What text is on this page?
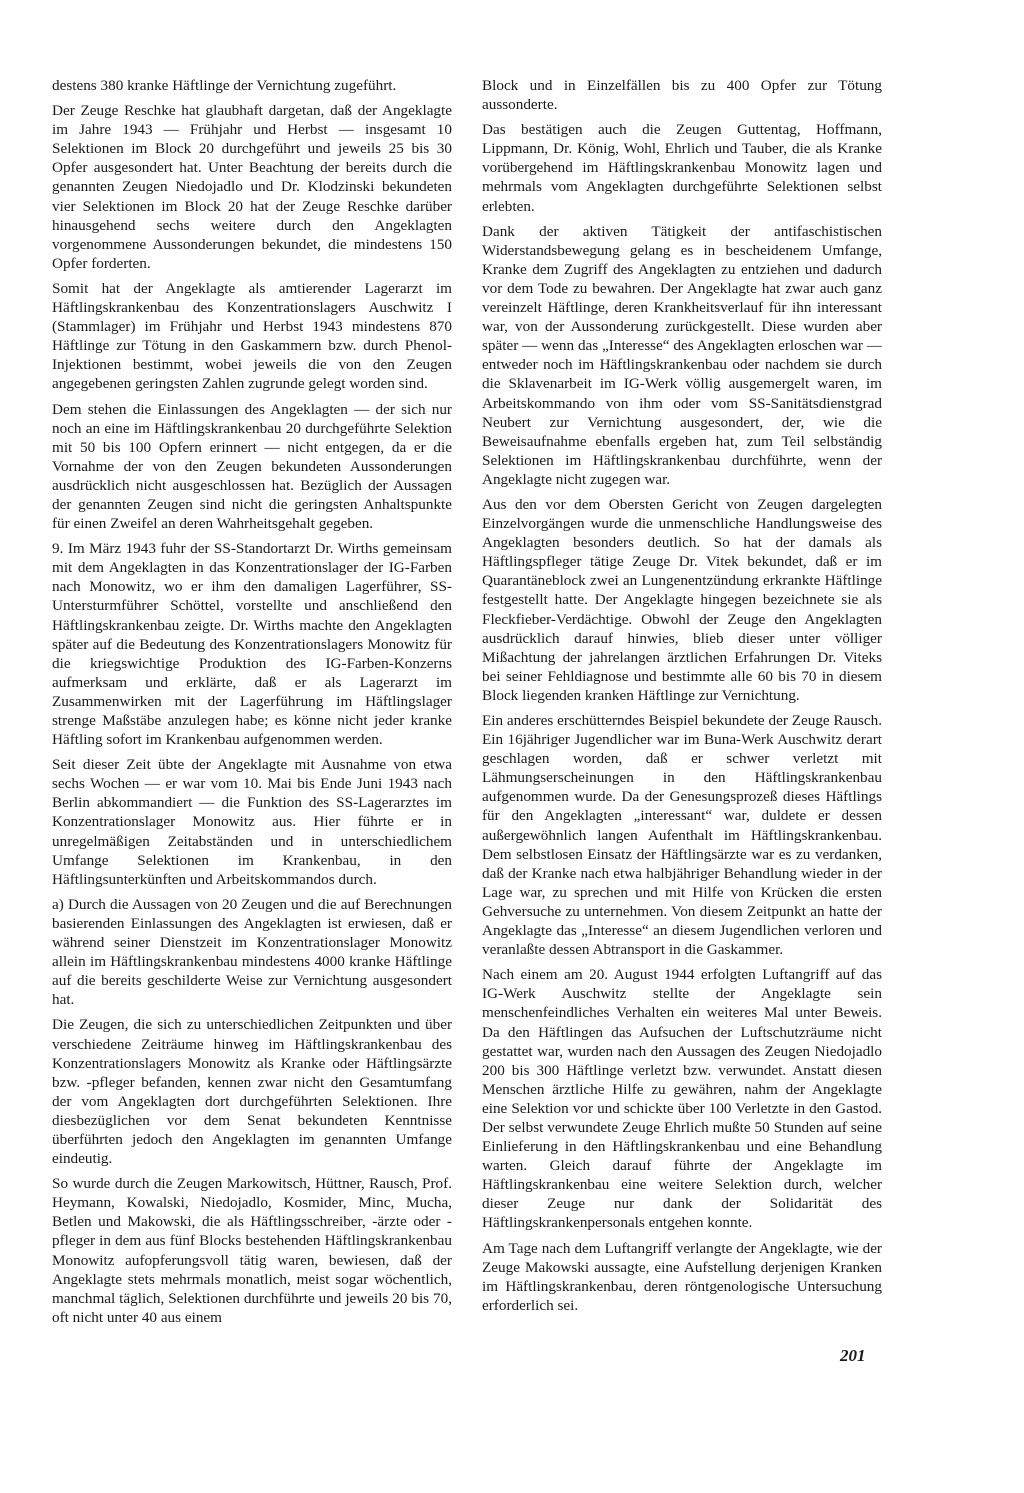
destens 380 kranke Häftlinge der Vernichtung zugeführt.

Der Zeuge Reschke hat glaubhaft dargetan, daß der Angeklagte im Jahre 1943 — Frühjahr und Herbst — insgesamt 10 Selektionen im Block 20 durchgeführt und jeweils 25 bis 30 Opfer ausgesondert hat. Unter Beachtung der bereits durch die genannten Zeugen Niedojadlo und Dr. Klodzinski bekundeten vier Selektionen im Block 20 hat der Zeuge Reschke darüber hinausgehend sechs weitere durch den Angeklagten vorgenommene Aussonderungen bekundet, die mindestens 150 Opfer forderten.

Somit hat der Angeklagte als amtierender Lagerarzt im Häftlingskrankenbau des Konzentrationslagers Auschwitz I (Stammlager) im Frühjahr und Herbst 1943 mindestens 870 Häftlinge zur Tötung in den Gaskammern bzw. durch Phenol-Injektionen bestimmt, wobei jeweils die von den Zeugen angegebenen geringsten Zahlen zugrunde gelegt worden sind.

Dem stehen die Einlassungen des Angeklagten — der sich nur noch an eine im Häftlingskrankenbau 20 durchgeführte Selektion mit 50 bis 100 Opfern erinnert — nicht entgegen, da er die Vornahme der von den Zeugen bekundeten Aussonderungen ausdrücklich nicht ausgeschlossen hat. Bezüglich der Aussagen der genannten Zeugen sind nicht die geringsten Anhaltspunkte für einen Zweifel an deren Wahrheitsgehalt gegeben.

9. Im März 1943 fuhr der SS-Standortarzt Dr. Wirths gemeinsam mit dem Angeklagten in das Konzentrationslager der IG-Farben nach Monowitz, wo er ihm den damaligen Lagerführer, SS-Untersturmführer Schöttel, vorstellte und anschließend den Häftlingskrankenbau zeigte. Dr. Wirths machte den Angeklagten später auf die Bedeutung des Konzentrationslagers Monowitz für die kriegswichtige Produktion des IG-Farben-Konzerns aufmerksam und erklärte, daß er als Lagerarzt im Zusammenwirken mit der Lagerführung im Häftlingslager strenge Maßstäbe anzulegen habe; es könne nicht jeder kranke Häftling sofort im Krankenbau aufgenommen werden.

Seit dieser Zeit übte der Angeklagte mit Ausnahme von etwa sechs Wochen — er war vom 10. Mai bis Ende Juni 1943 nach Berlin abkommandiert — die Funktion des SS-Lagerarztes im Konzentrationslager Monowitz aus. Hier führte er in unregelmäßigen Zeitabständen und in unterschiedlichem Umfange Selektionen im Krankenbau, in den Häftlingsunterkünften und Arbeitskommandos durch.

a) Durch die Aussagen von 20 Zeugen und die auf Berechnungen basierenden Einlassungen des Angeklagten ist erwiesen, daß er während seiner Dienstzeit im Konzentrationslager Monowitz allein im Häftlingskrankenbau mindestens 4000 kranke Häftlinge auf die bereits geschilderte Weise zur Vernichtung ausgesondert hat.

Die Zeugen, die sich zu unterschiedlichen Zeitpunkten und über verschiedene Zeiträume hinweg im Häftlingskrankenbau des Konzentrationslagers Monowitz als Kranke oder Häftlingsärzte bzw. -pfleger befanden, kennen zwar nicht den Gesamtumfang der vom Angeklagten dort durchgeführten Selektionen. Ihre diesbezüglichen vor dem Senat bekundeten Kenntnisse überführten jedoch den Angeklagten im genannten Umfange eindeutig.

So wurde durch die Zeugen Markowitsch, Hüttner, Rausch, Prof. Heymann, Kowalski, Niedojadlo, Kosmider, Minc, Mucha, Betlen und Makowski, die als Häftlingsschreiber, -ärzte oder -pfleger in dem aus fünf Blocks bestehenden Häftlingskrankenbau Monowitz aufopferungsvoll tätig waren, bewiesen, daß der Angeklagte stets mehrmals monatlich, meist sogar wöchentlich, manchmal täglich, Selektionen durchführte und jeweils 20 bis 70, oft nicht unter 40 aus einem

Block und in Einzelfällen bis zu 400 Opfer zur Tötung aussonderte.

Das bestätigen auch die Zeugen Guttentag, Hoffmann, Lippmann, Dr. König, Wohl, Ehrlich und Tauber, die als Kranke vorübergehend im Häftlingskrankenbau Monowitz lagen und mehrmals vom Angeklagten durchgeführte Selektionen selbst erlebten.

Dank der aktiven Tätigkeit der antifaschistischen Widerstandsbewegung gelang es in bescheidenem Umfange, Kranke dem Zugriff des Angeklagten zu entziehen und dadurch vor dem Tode zu bewahren. Der Angeklagte hat zwar auch ganz vereinzelt Häftlinge, deren Krankheitsverlauf für ihn interessant war, von der Aussonderung zurückgestellt. Diese wurden aber später — wenn das „Interesse“ des Angeklagten erloschen war — entweder noch im Häftlingskrankenbau oder nachdem sie durch die Sklavenarbeit im IG-Werk völlig ausgemergelt waren, im Arbeitskommando von ihm oder vom SS-Sanitätsdienstgrad Neubert zur Vernichtung ausgesondert, der, wie die Beweisaufnahme ebenfalls ergeben hat, zum Teil selbständig Selektionen im Häftlingskrankenbau durchführte, wenn der Angeklagte nicht zugegen war.

Aus den vor dem Obersten Gericht von Zeugen dargelegten Einzelvorgängen wurde die unmenschliche Handlungsweise des Angeklagten besonders deutlich. So hat der damals als Häftlingspfleger tätige Zeuge Dr. Vitek bekundet, daß er im Quarantäneblock zwei an Lungenentzündung erkrankte Häftlinge festgestellt hatte. Der Angeklagte hingegen bezeichnete sie als Fleckfieber-Verdächtige. Obwohl der Zeuge den Angeklagten ausdrücklich darauf hinwies, blieb dieser unter völliger Mißachtung der jahrelangen ärztlichen Erfahrungen Dr. Viteks bei seiner Fehldiagnose und bestimmte alle 60 bis 70 in diesem Block liegenden kranken Häftlinge zur Vernichtung.

Ein anderes erschütterndes Beispiel bekundete der Zeuge Rausch. Ein 16jähriger Jugendlicher war im Buna-Werk Auschwitz derart geschlagen worden, daß er schwer verletzt mit Lähmungserscheinungen in den Häftlingskrankenbau aufgenommen wurde. Da der Genesungsprozeß dieses Häftlings für den Angeklagten „interessant“ war, duldete er dessen außergewöhnlich langen Aufenthalt im Häftlingskrankenbau. Dem selbstlosen Einsatz der Häftlingsärzte war es zu verdanken, daß der Kranke nach etwa halbjähriger Behandlung wieder in der Lage war, zu sprechen und mit Hilfe von Krücken die ersten Gehversuche zu unternehmen. Von diesem Zeitpunkt an hatte der Angeklagte das „Interesse“ an diesem Jugendlichen verloren und veranlaßte dessen Abtransport in die Gaskammer.

Nach einem am 20. August 1944 erfolgten Luftangriff auf das IG-Werk Auschwitz stellte der Angeklagte sein menschenfeindliches Verhalten ein weiteres Mal unter Beweis. Da den Häftlingen das Aufsuchen der Luftschutzräume nicht gestattet war, wurden nach den Aussagen des Zeugen Niedojadlo 200 bis 300 Häftlinge verletzt bzw. verwundet. Anstatt diesen Menschen ärztliche Hilfe zu gewähren, nahm der Angeklagte eine Selektion vor und schickte über 100 Verletzte in den Gastod. Der selbst verwundete Zeuge Ehrlich mußte 50 Stunden auf seine Einlieferung in den Häftlingskrankenbau und eine Behandlung warten. Gleich darauf führte der Angeklagte im Häftlingskrankenbau eine weitere Selektion durch, welcher dieser Zeuge nur dank der Solidarität des Häftlingskrankenpersonals entgehen konnte.

Am Tage nach dem Luftangriff verlangte der Angeklagte, wie der Zeuge Makowski aussagte, eine Aufstellung derjenigen Kranken im Häftlingskrankenbau, deren röntgenologische Untersuchung erforderlich sei.

201
